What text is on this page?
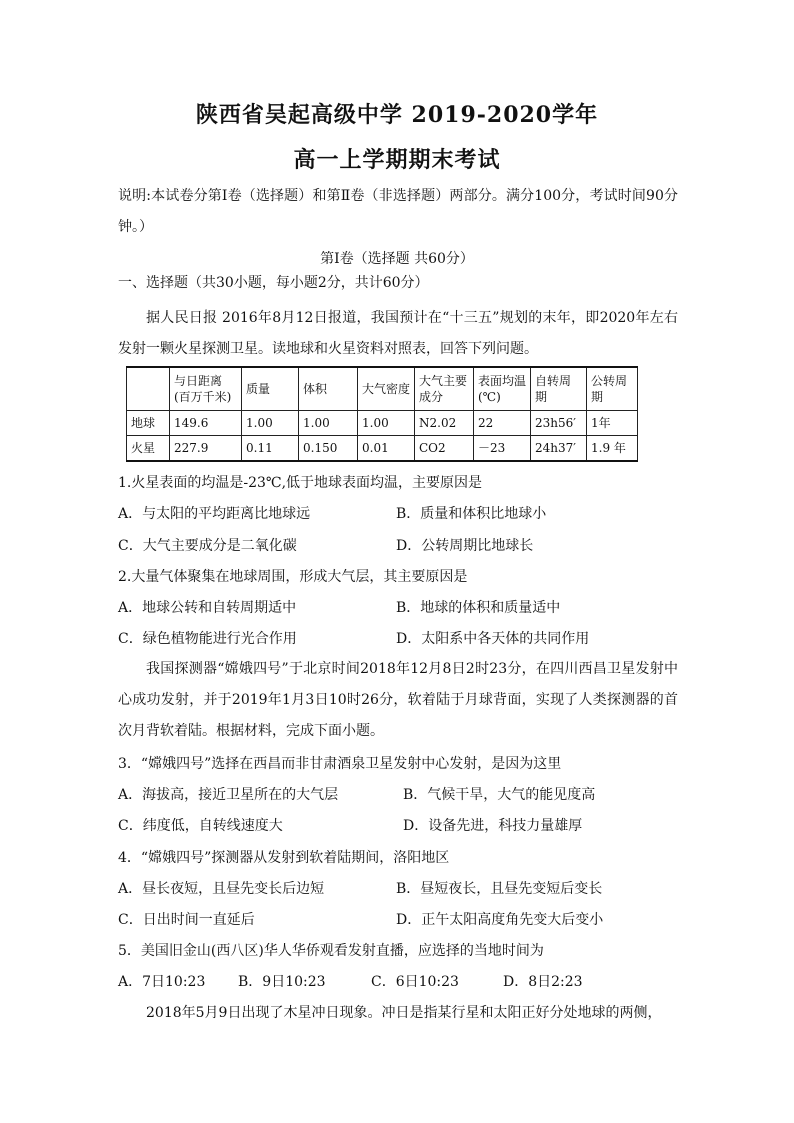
陕西省吴起高级中学 2019-2020学年
高一上学期期末考试
说明:本试卷分第Ⅰ卷（选择题）和第Ⅱ卷（非选择题）两部分。满分100分，考试时间90分钟。）
第Ⅰ卷（选择题 共60分）
一、选择题（共30小题，每小题2分，共计60分）
据人民日报 2016年8月12日报道，我国预计在“十三五”规划的末年，即2020年左右发射一颗火星探测卫星。读地球和火星资料对照表，回答下列问题。
	与日距离(百万千米)	质量	体积	大气密度	大气主要成分	表面均温(℃)	自转周期	公转周期
地球	149.6	1.00	1.00	1.00	N2.02	22	23h56′	1年
火星	227.9	0.11	0.150	0.01	CO2	－23	24h37′	1.9 年
1.火星表面的均温是-23℃,低于地球表面均温，主要原因是
A．与太阳的平均距离比地球远	B．质量和体积比地球小
C．大气主要成分是二氧化碳	D．公转周期比地球长
2.大量气体聚集在地球周围，形成大气层，其主要原因是
A．地球公转和自转周期适中	B．地球的体积和质量适中
C．绿色植物能进行光合作用	D．太阳系中各天体的共同作用
我国探测器“嫦娥四号”于北京时间2018年12月8日2时23分，在四川西昌卫星发射中心成功发射，并于2019年1月3日10时26分，软着陆于月球背面，实现了人类探测器的首次月背软着陆。根据材料，完成下面小题。
3．“嫦娥四号”选择在西昌而非甘肃酒泉卫星发射中心发射，是因为这里
A．海拔高，接近卫星所在的大气层	B．气候干旱，大气的能见度高
C．纬度低，自转线速度大	D．设备先进，科技力量雄厚
4．“嫦娥四号”探测器从发射到软着陆期间，洛阳地区
A．昼长夜短，且昼先变长后边短	B．昼短夜长，且昼先变短后变长
C．日出时间一直延后	D．正午太阳高度角先变大后变小
5．美国旧金山(西八区)华人华侨观看发射直播，应选择的当地时间为
A．7日10:23 B．9日10:23	C．6日10:23	D．8日2:23
2018年5月9日出现了木星冲日现象。冲日是指某行星和太阳正好分处地球的两侧，
